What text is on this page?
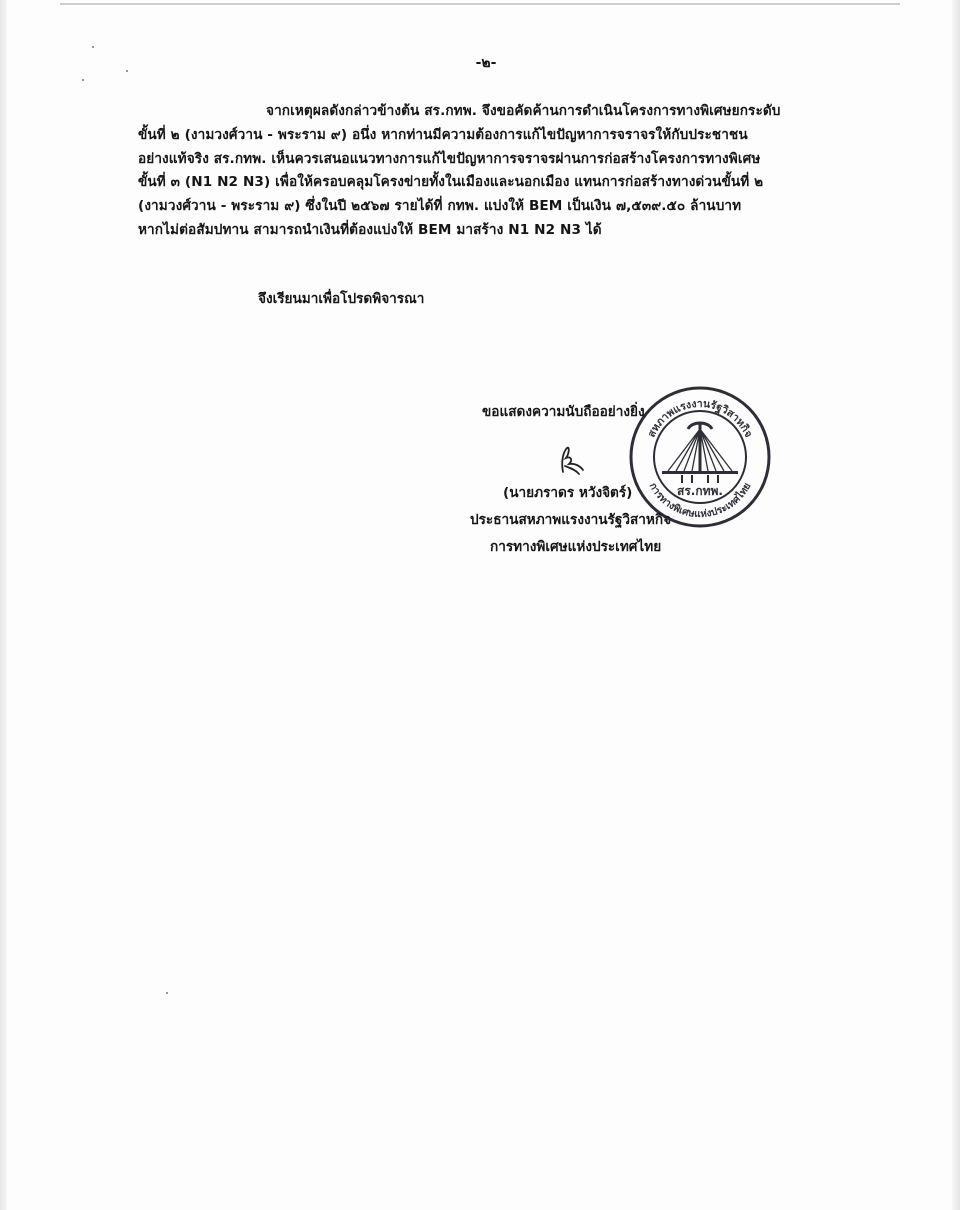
-๒-
จากเหตุผลดังกล่าวข้างต้น สร.กทพ. จึงขอคัดค้านการดำเนินโครงการทางพิเศษยกระดับ
ขั้นที่ ๒ (งามวงศ์วาน - พระราม ๙) อนึ่ง หากท่านมีความต้องการแก้ไขปัญหาการจราจรให้กับประชาชน
อย่างแท้จริง สร.กทพ. เห็นควรเสนอแนวทางการแก้ไขปัญหาการจราจรผ่านการก่อสร้างโครงการทางพิเศษ
ขั้นที่ ๓ (N1 N2 N3) เพื่อให้ครอบคลุมโครงข่ายทั้งในเมืองและนอกเมือง แทนการก่อสร้างทางด่วนขั้นที่ ๒
(งามวงศ์วาน - พระราม ๙) ซึ่งในปี ๒๕๖๗ รายได้ที่ กทพ. แบ่งให้ BEM เป็นเงิน ๗,๕๓๙.๕๐ ล้านบาท
หากไม่ต่อสัมปทาน สามารถนำเงินที่ต้องแบ่งให้ BEM มาสร้าง N1 N2 N3 ได้
จึงเรียนมาเพื่อโปรดพิจารณา
ขอแสดงความนับถืออย่างยิ่ง
(นายภราดร หวังจิตร์)
ประธานสหภาพแรงงานรัฐวิสาหกิจ
การทางพิเศษแห่งประเทศไทย
สหภาพแรงงานรัฐวิสาหกิจ
การทางพิเศษแห่งประเทศไทย
สร.กทพ.
